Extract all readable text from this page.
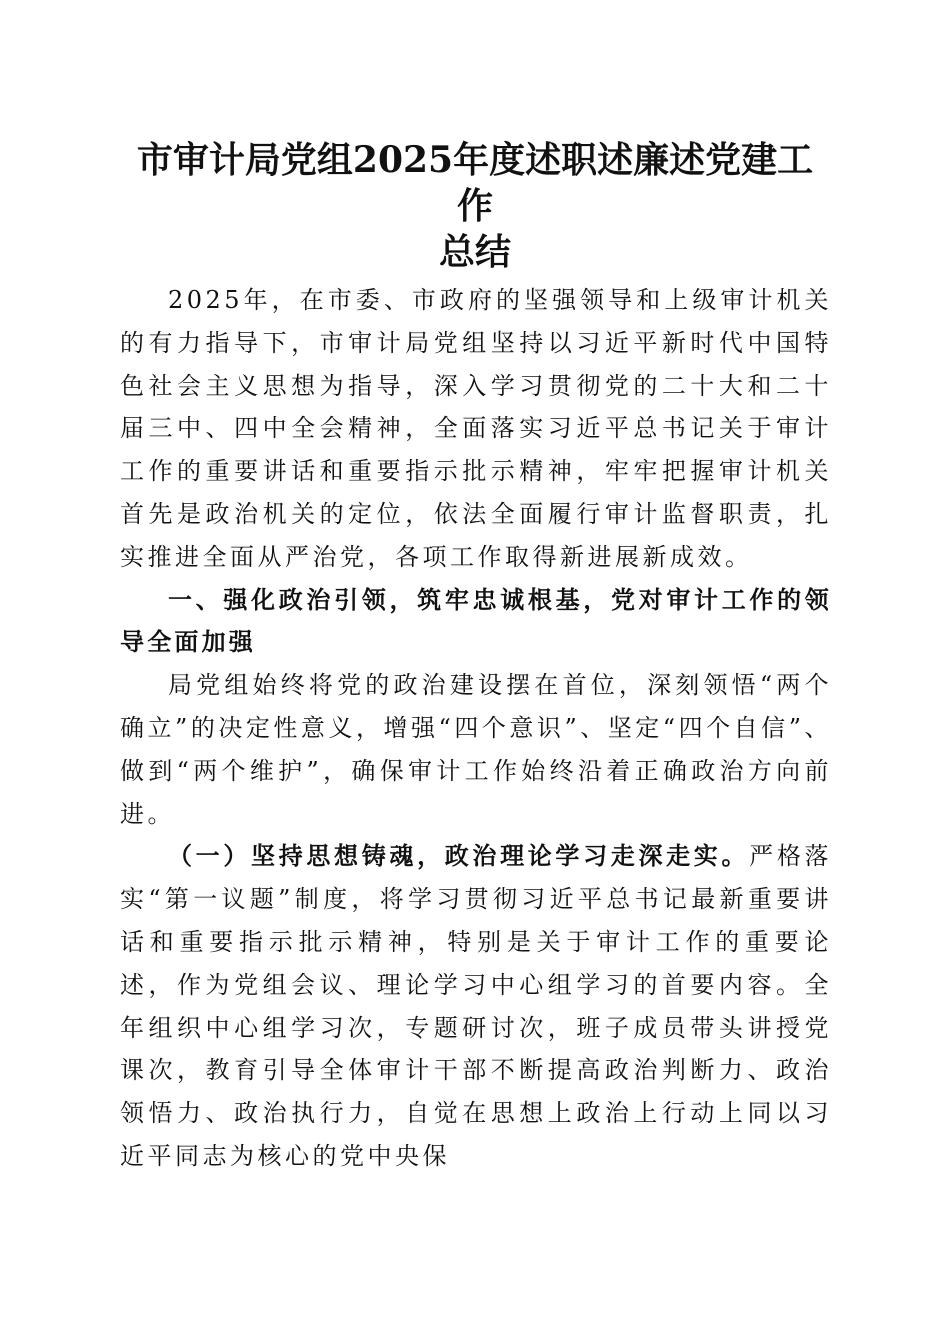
市审计局党组2025年度述职述廉述党建工作
总结

2025年，在市委、市政府的坚强领导和上级审计机关的有力指导下，市审计局党组坚持以习近平新时代中国特色社会主义思想为指导，深入学习贯彻党的二十大和二十届三中、四中全会精神，全面落实习近平总书记关于审计工作的重要讲话和重要指示批示精神，牢牢把握审计机关首先是政治机关的定位，依法全面履行审计监督职责，扎实推进全面从严治党，各项工作取得新进展新成效。

一、强化政治引领，筑牢忠诚根基，党对审计工作的领导全面加强

局党组始终将党的政治建设摆在首位，深刻领悟“两个确立”的决定性意义，增强“四个意识”、坚定“四个自信”、做到“两个维护”，确保审计工作始终沿着正确政治方向前进。

（一）坚持思想铸魂，政治理论学习走深走实。严格落实“第一议题”制度，将学习贯彻习近平总书记最新重要讲话和重要指示批示精神，特别是关于审计工作的重要论述，作为党组会议、理论学习中心组学习的首要内容。全年组织中心组学习次，专题研讨次，班子成员带头讲授党课次，教育引导全体审计干部不断提高政治判断力、政治领悟力、政治执行力，自觉在思想上政治上行动上同以习近平同志为核心的党中央保
